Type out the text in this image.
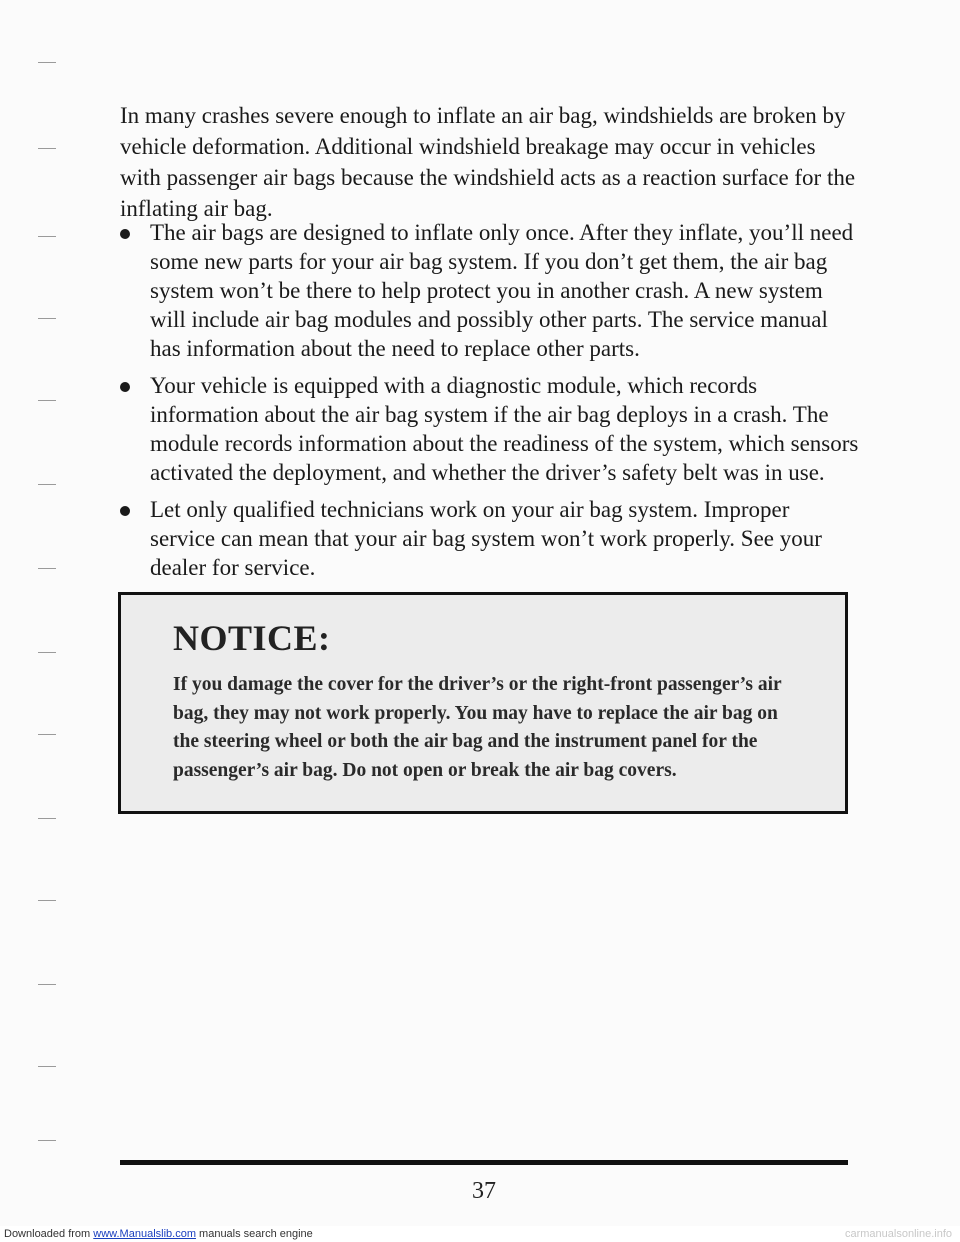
In many crashes severe enough to inflate an air bag, windshields are broken by vehicle deformation. Additional windshield breakage may occur in vehicles with passenger air bags because the windshield acts as a reaction surface for the inflating air bag.

The air bags are designed to inflate only once. After they inflate, you’ll need some new parts for your air bag system. If you don’t get them, the air bag system won’t be there to help protect you in another crash. A new system will include air bag modules and possibly other parts. The service manual has information about the need to replace other parts.
Your vehicle is equipped with a diagnostic module, which records information about the air bag system if the air bag deploys in a crash. The module records information about the readiness of the system, which sensors activated the deployment, and whether the driver’s safety belt was in use.
Let only qualified technicians work on your air bag system. Improper service can mean that your air bag system won’t work properly. See your dealer for service.
NOTICE:

If you damage the cover for the driver’s or the right-front passenger’s air bag, they may not work properly. You may have to replace the air bag on the steering wheel or both the air bag and the instrument panel for the passenger’s air bag. Do not open or break the air bag covers.

37
Downloaded from www.Manualslib.com manuals search engine	carmanualsonline.info
